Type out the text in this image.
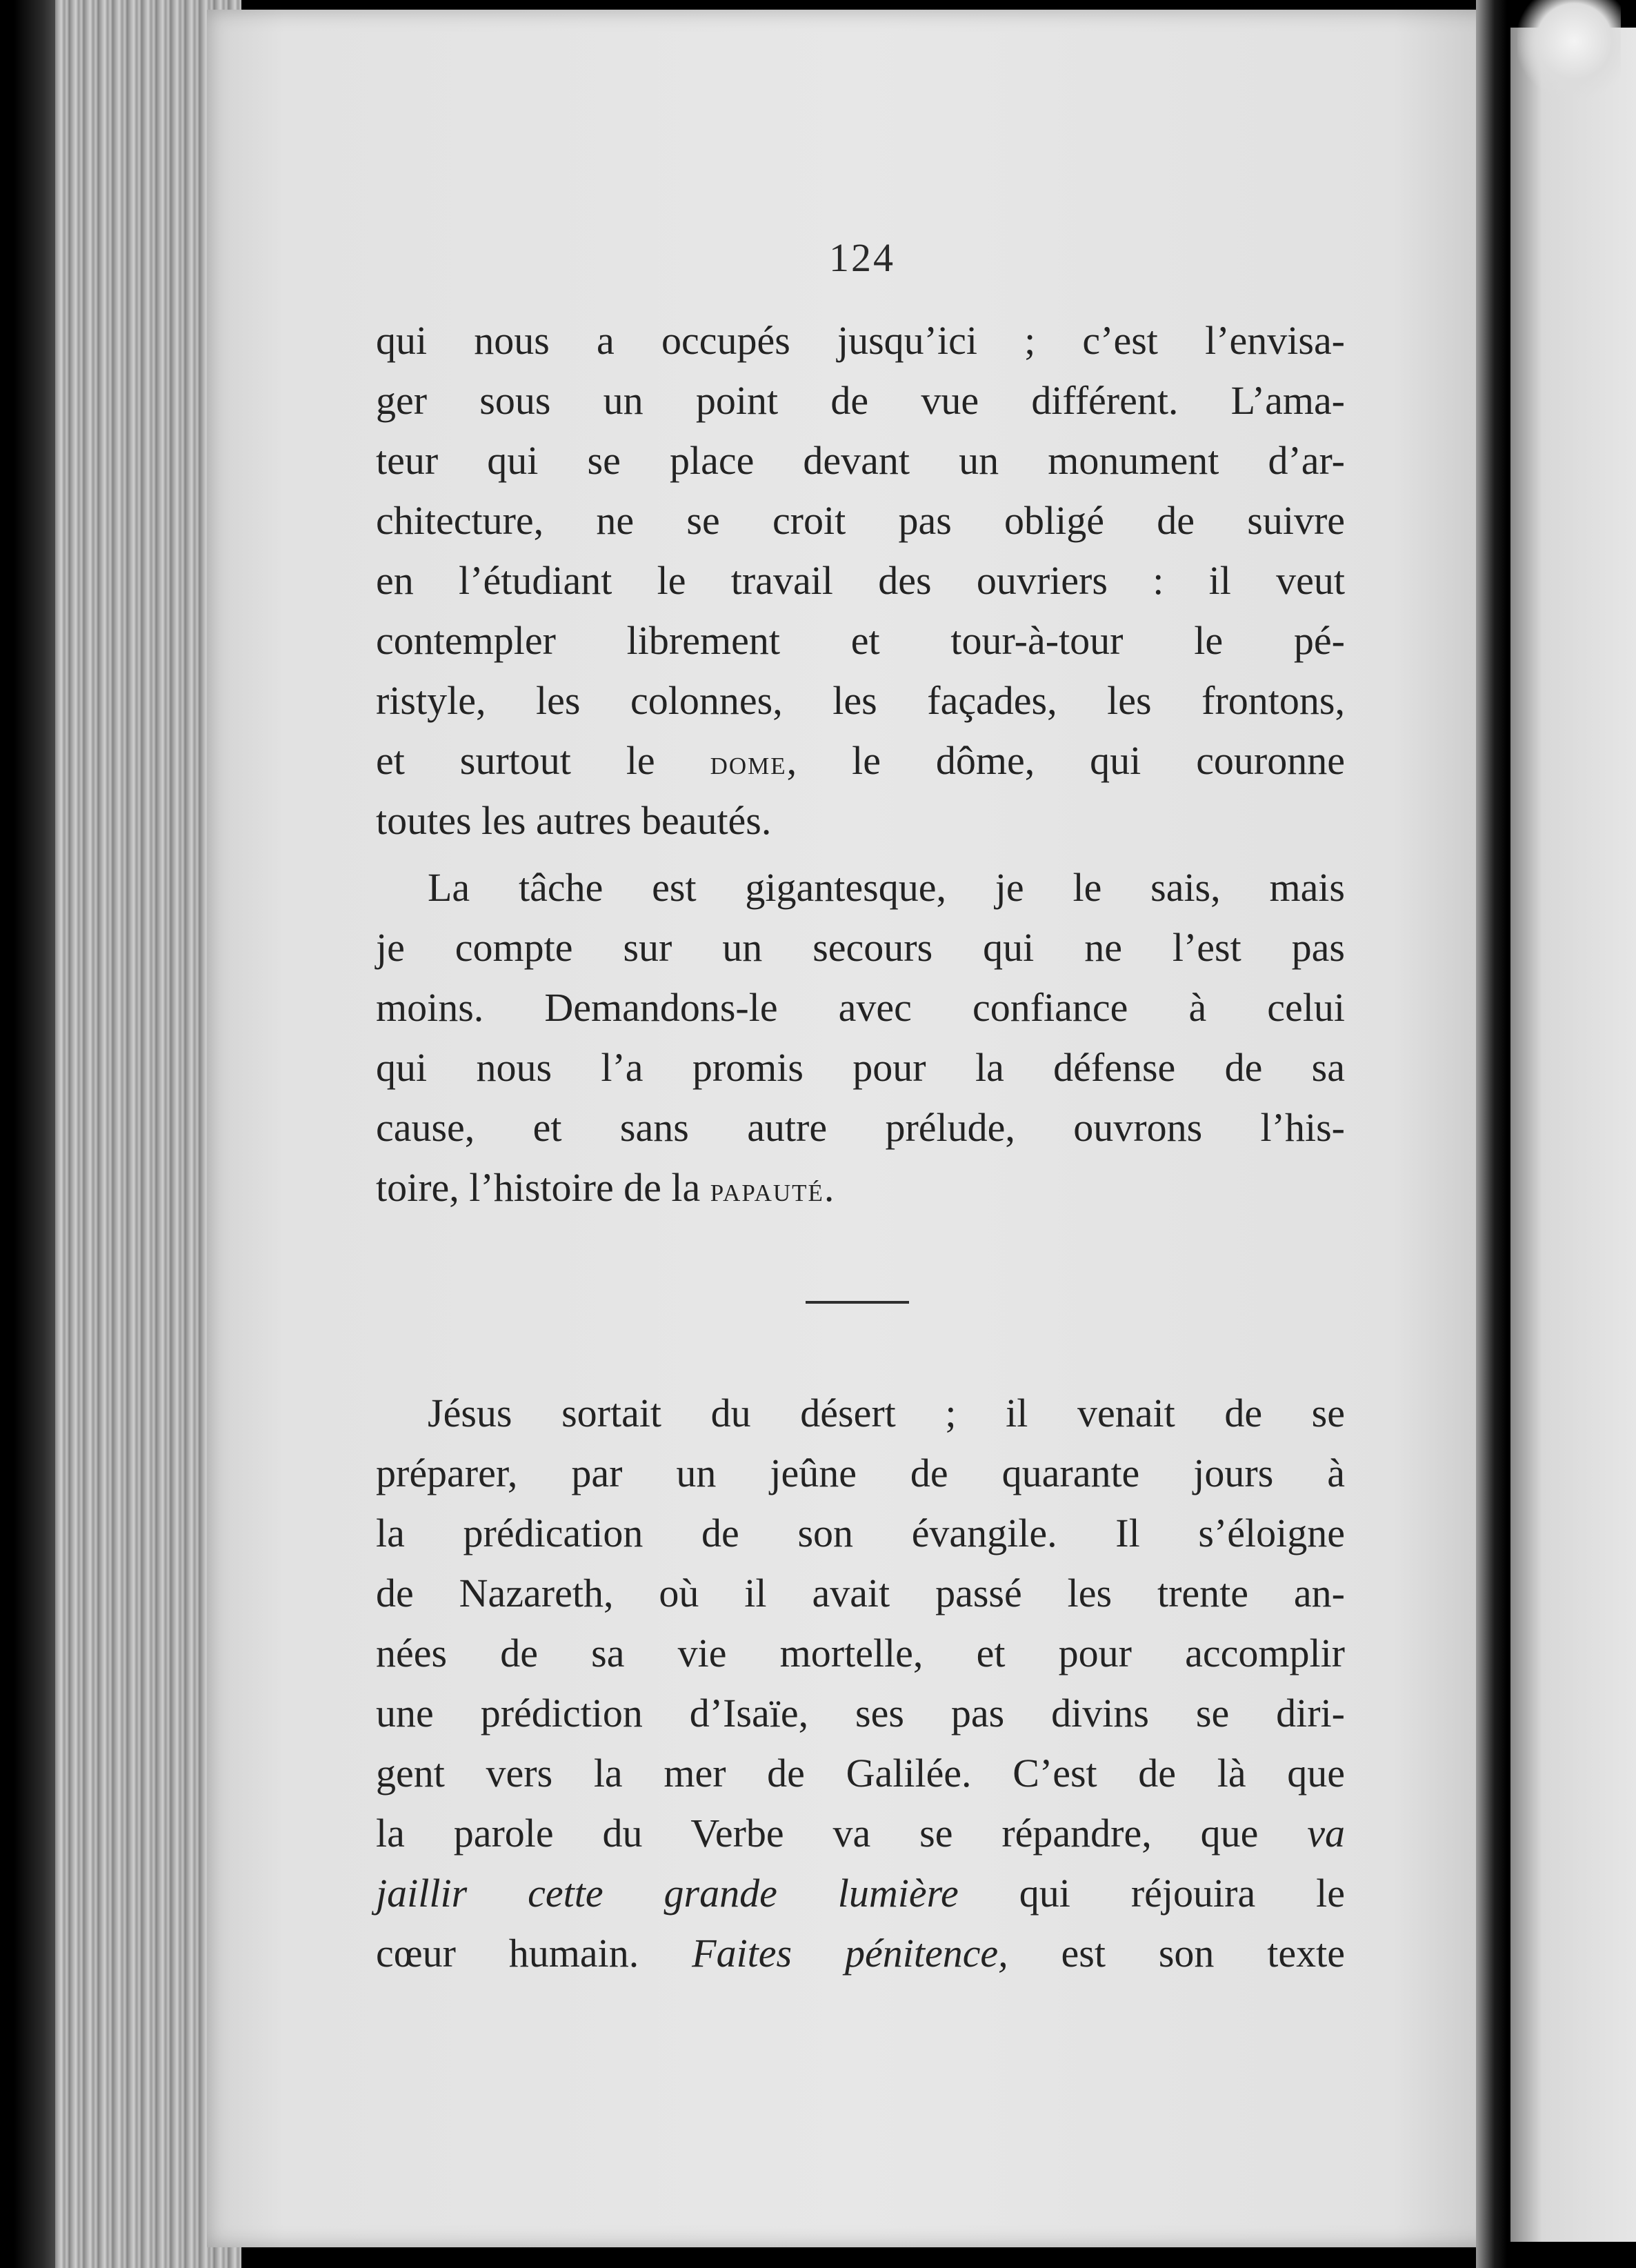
124
qui nous a occupés jusqu’ici ; c’est l’envisa-
ger sous un point de vue différent. L’ama-
teur qui se place devant un monument d’ar-
chitecture, ne se croit pas obligé de suivre
en l’étudiant le travail des ouvriers : il veut
contempler librement et tour-à-tour le pé-
ristyle, les colonnes, les façades, les frontons,
et surtout le dome, le dôme, qui couronne
toutes les autres beautés.
La tâche est gigantesque, je le sais, mais
je compte sur un secours qui ne l’est pas
moins. Demandons-le avec confiance à celui
qui nous l’a promis pour la défense de sa
cause, et sans autre prélude, ouvrons l’his-
toire, l’histoire de la papauté.
Jésus sortait du désert ; il venait de se
préparer, par un jeûne de quarante jours à
la prédication de son évangile. Il s’éloigne
de Nazareth, où il avait passé les trente an-
nées de sa vie mortelle, et pour accomplir
une prédiction d’Isaïe, ses pas divins se diri-
gent vers la mer de Galilée. C’est de là que
la parole du Verbe va se répandre, que va
jaillir cette grande lumière qui réjouira le
cœur humain. Faites pénitence, est son texte
